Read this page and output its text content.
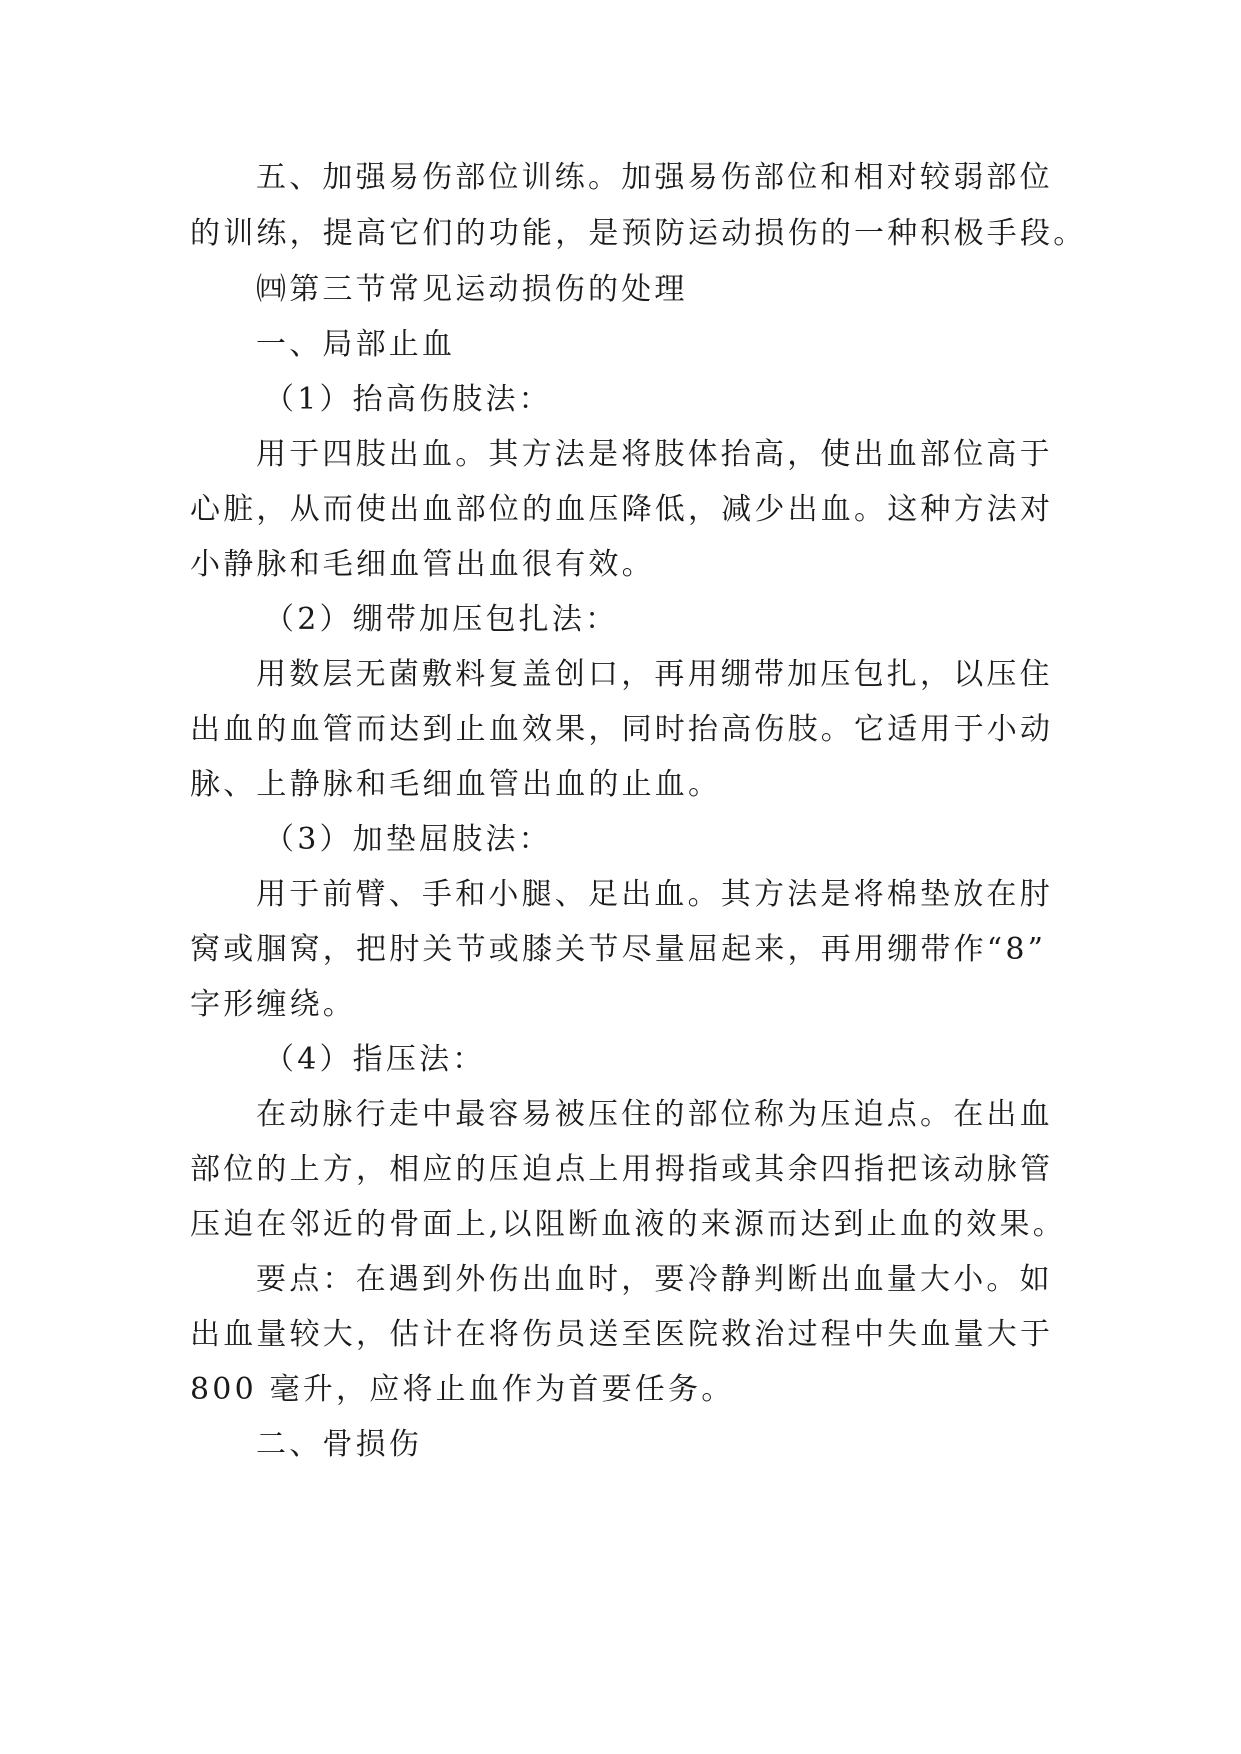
五、加强易伤部位训练。加强易伤部位和相对较弱部位
的训练，提高它们的功能，是预防运动损伤的一种积极手段。
㈣第三节常见运动损伤的处理
一、局部止血
（1）抬高伤肢法：
用于四肢出血。其方法是将肢体抬高，使出血部位高于
心脏，从而使出血部位的血压降低，减少出血。这种方法对
小静脉和毛细血管出血很有效。
（2）绷带加压包扎法：
用数层无菌敷料复盖创口，再用绷带加压包扎，以压住
出血的血管而达到止血效果，同时抬高伤肢。它适用于小动
脉、上静脉和毛细血管出血的止血。
（3）加垫屈肢法：
用于前臂、手和小腿、足出血。其方法是将棉垫放在肘
窝或腘窝，把肘关节或膝关节尽量屈起来，再用绷带作“8”
字形缠绕。
（4）指压法：
在动脉行走中最容易被压住的部位称为压迫点。在出血
部位的上方，相应的压迫点上用拇指或其余四指把该动脉管
压迫在邻近的骨面上,以阻断血液的来源而达到止血的效果。
要点：在遇到外伤出血时，要冷静判断出血量大小。如
出血量较大，估计在将伤员送至医院救治过程中失血量大于
800 毫升，应将止血作为首要任务。
二、骨损伤
